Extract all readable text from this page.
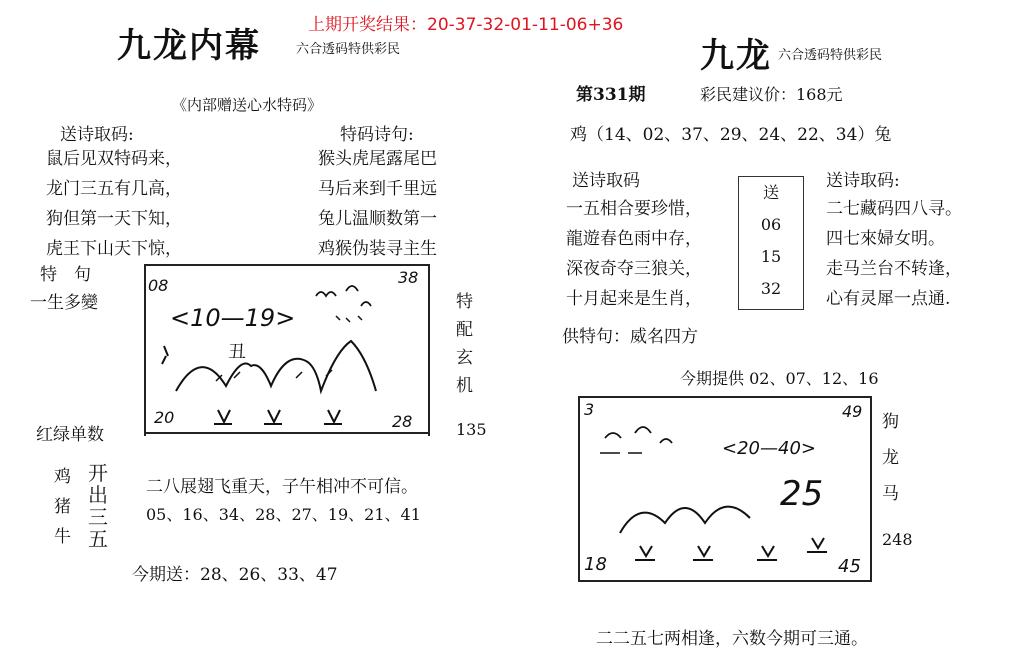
九龙内幕	六合透码特供彩民
上期开奖结果：20-37-32-01-11-06+36
《内部赠送心水特码》
送诗取码:
鼠后见双特码来，
龙门三五有几高，
狗但第一天下知，
虎王下山天下惊，
特码诗句:
猴头虎尾露尾巴
马后来到千里远
兔儿温顺数第一
鸡猴伪装寻主生
特　句
一生多變
08	38
<10—19>
丑
20	28
特
配
玄
机
红绿单数	135
鸡
猪
牛
开
出
三
五
二八展翅飞重天，子午相冲不可信。
05、16、34、28、27、19、21、41
今期送：28、26、33、47
九龙 六合透码特供彩民
第331期	彩民建议价：168元
鸡（14、02、37、29、24、22、34）兔
送诗取码
一五相合要珍惜，
龍遊春色雨中存，
深夜奇夺三狼关，
十月起来是生肖，
送
06
15
32
送诗取码:
二七藏码四八寻。
四七來婦女明。
走马兰台不转逢，
心有灵犀一点通.
供特句：威名四方
今期提供 02、07、12、16
3	49
<20—40>
25
18	45
狗
龙
马
248
二二五七两相逢，六数今期可三通。
